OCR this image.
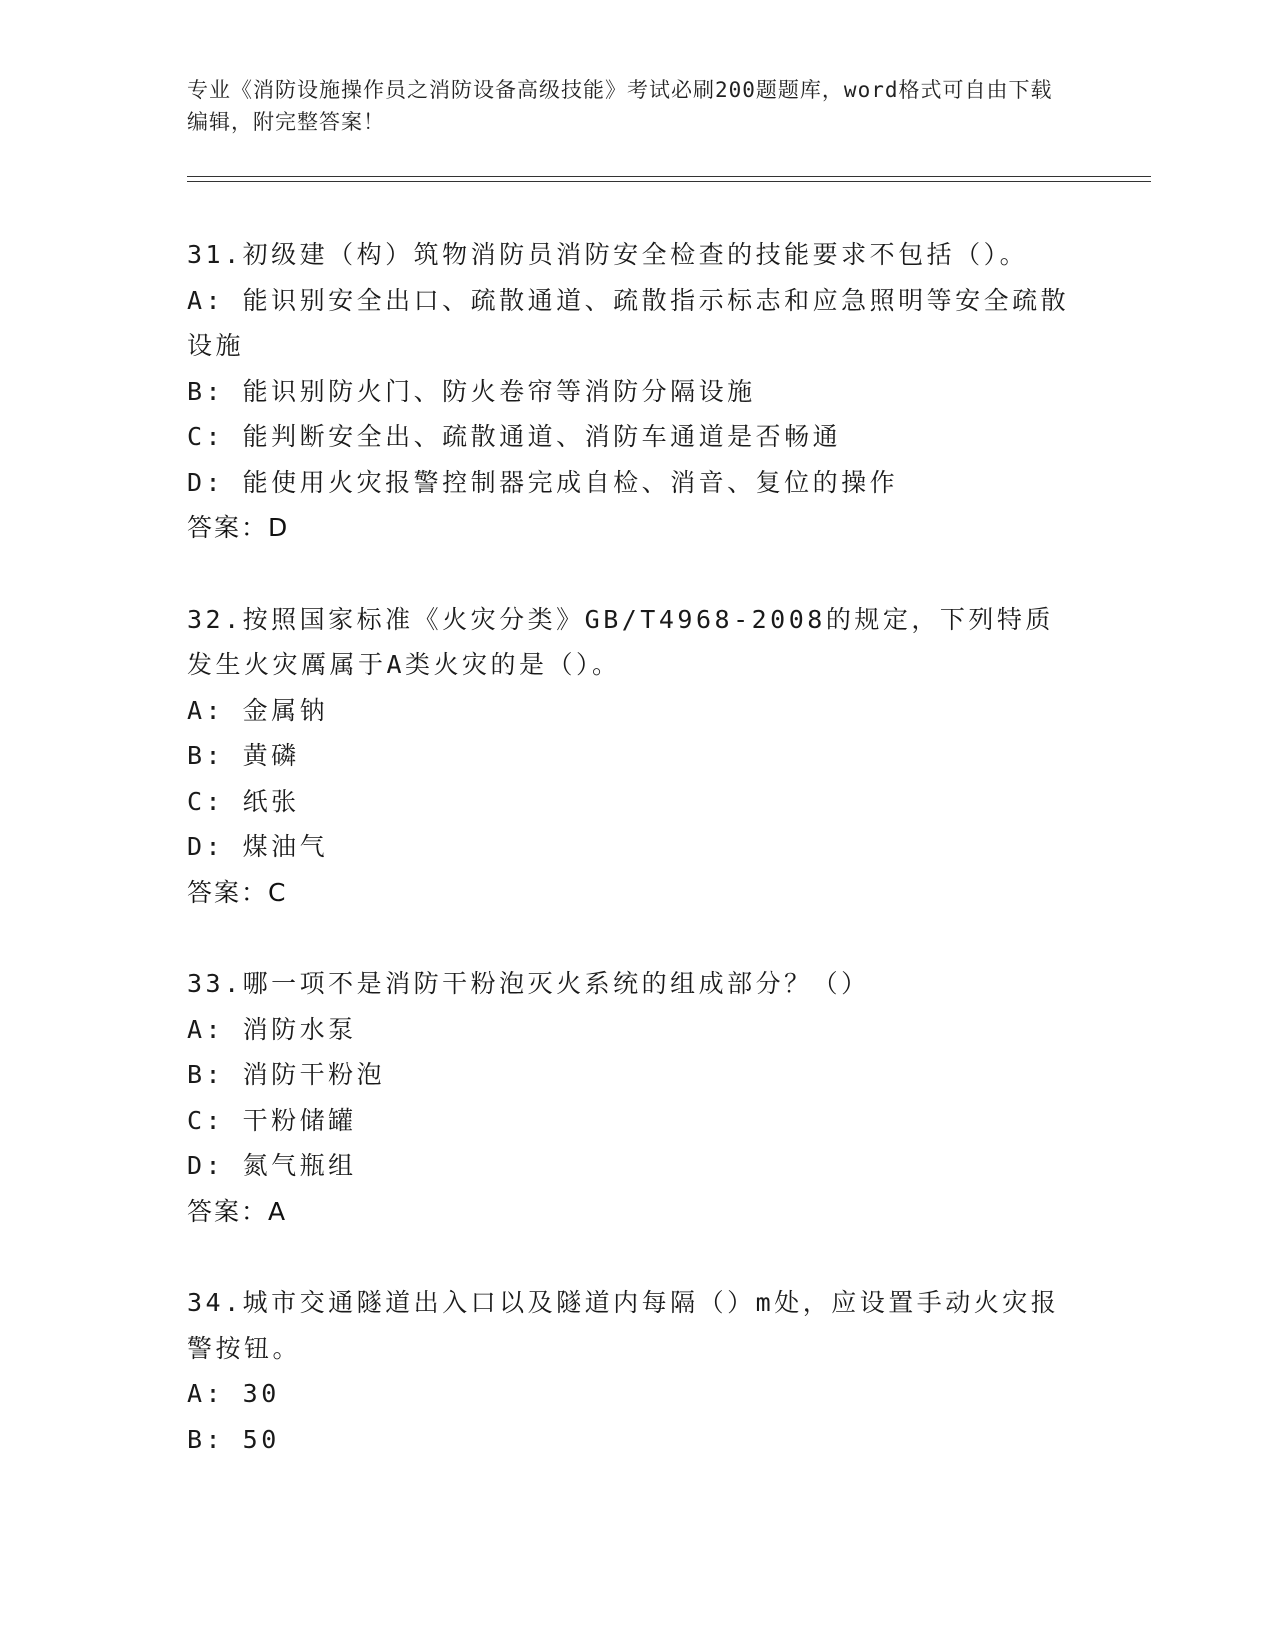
专业《消防设施操作员之消防设备高级技能》考试必刷200题题库，word格式可自由下载编辑，附完整答案！
31.初级建（构）筑物消防员消防安全检查的技能要求不包括（）。
A: 能识别安全出口、疏散通道、疏散指示标志和应急照明等安全疏散设施
B: 能识别防火门、防火卷帘等消防分隔设施
C: 能判断安全出、疏散通道、消防车通道是否畅通
D: 能使用火灾报警控制器完成自检、消音、复位的操作
答案：D
32.按照国家标准《火灾分类》GB/T4968-2008的规定，下列特质发生火灾厲属于A类火灾的是（）。
A: 金属钠
B: 黄磷
C: 纸张
D: 煤油气
答案：C
33.哪一项不是消防干粉泡灭火系统的组成部分？（）
A: 消防水泵
B: 消防干粉泡
C: 干粉储罐
D: 氮气瓶组
答案：A
34.城市交通隧道出入口以及隧道内每隔（）m处，应设置手动火灾报警按钮。
A: 30
B: 50
